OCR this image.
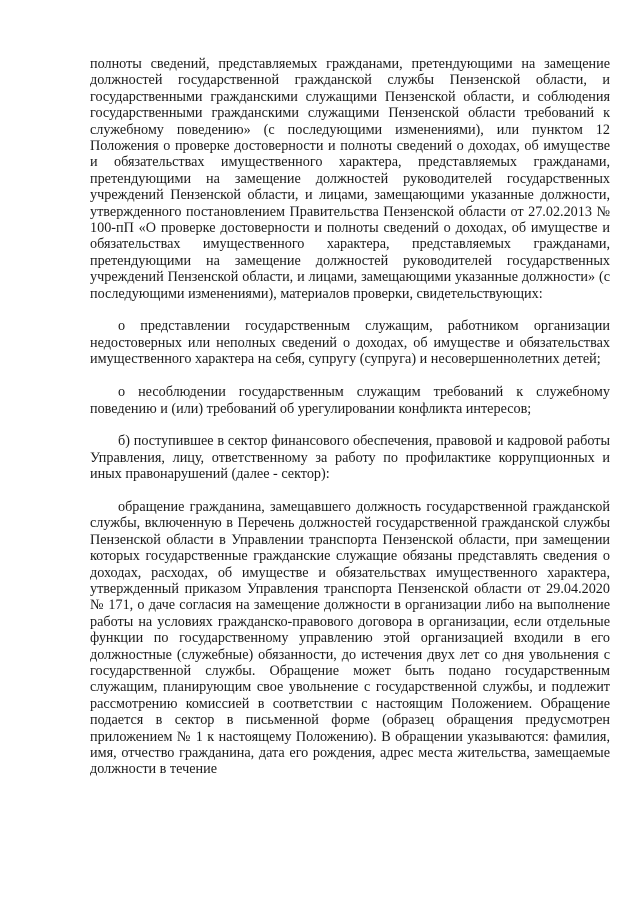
полноты сведений, представляемых гражданами, претендующими на замещение должностей государственной гражданской службы Пензенской области, и государственными гражданскими служащими Пензенской области, и соблюдения государственными гражданскими служащими Пензенской области требований к служебному поведению» (с последующими изменениями), или пунктом 12 Положения о проверке достоверности и полноты сведений о доходах, об имуществе и обязательствах имущественного характера, представляемых гражданами, претендующими на замещение должностей руководителей государственных учреждений Пензенской области, и лицами, замещающими указанные должности, утвержденного постановлением Правительства Пензенской области от 27.02.2013 № 100-пП «О проверке достоверности и полноты сведений о доходах, об имуществе и обязательствах имущественного характера, представляемых гражданами, претендующими на замещение должностей руководителей государственных учреждений Пензенской области, и лицами, замещающими указанные должности» (с последующими изменениями), материалов проверки, свидетельствующих:

о представлении государственным служащим, работником организации недостоверных или неполных сведений о доходах, об имуществе и обязательствах имущественного характера на себя, супругу (супруга) и несовершеннолетних детей;

о несоблюдении государственным служащим требований к служебному поведению и (или) требований об урегулировании конфликта интересов;

б) поступившее в сектор финансового обеспечения, правовой и кадровой работы Управления, лицу, ответственному за работу по профилактике коррупционных и иных правонарушений (далее - сектор):

обращение гражданина, замещавшего должность государственной гражданской службы, включенную в Перечень должностей государственной гражданской службы Пензенской области в Управлении транспорта Пензенской области, при замещении которых государственные гражданские служащие обязаны представлять сведения о доходах, расходах, об имуществе и обязательствах имущественного характера, утвержденный приказом Управления транспорта Пензенской области от 29.04.2020 № 171, о даче согласия на замещение должности в организации либо на выполнение работы на условиях гражданско-правового договора в организации, если отдельные функции по государственному управлению этой организацией входили в его должностные (служебные) обязанности, до истечения двух лет со дня увольнения с государственной службы. Обращение может быть подано государственным служащим, планирующим свое увольнение с государственной службы, и подлежит рассмотрению комиссией в соответствии с настоящим Положением. Обращение подается в сектор в письменной форме (образец обращения предусмотрен приложением № 1 к настоящему Положению). В обращении указываются: фамилия, имя, отчество гражданина, дата его рождения, адрес места жительства, замещаемые должности в течение
